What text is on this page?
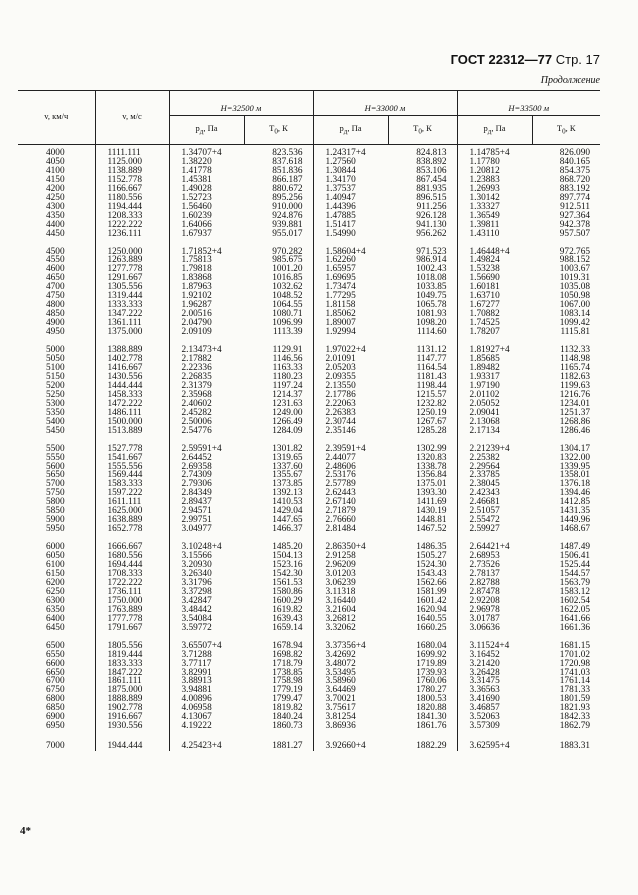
ГОСТ 22312—77 Стр. 17
Продолжение
v, км/ч	v, м/с	H=32500 м		H=33000 м		H=33500 м	
		$p_д$, Па	$T_0$, К	$p_д$, Па	$T_0$, К	$p_д$, Па	$T_0$, К
4000	1111.111	1.34707+4	823.536	1.24317+4	824.813	1.14785+4	826.090
4050	1125.000	1.38220	837.618	1.27560	838.892	1.17780	840.165
4100	1138.889	1.41778	851.836	1.30844	853.106	1.20812	854.375
4150	1152.778	1.45381	866.187	1.34170	867.454	1.23883	868.720
4200	1166.667	1.49028	880.672	1.37537	881.935	1.26993	883.192
4250	1180.556	1.52723	895.256	1.40947	896.515	1.30142	897.774
4300	1194.444	1.56460	910.000	1.44396	911.256	1.33327	912.511
4350	1208.333	1.60239	924.876	1.47885	926.128	1.36549	927.364
4400	1222.222	1.64066	939.881	1.51417	941.130	1.39811	942.378
4450	1236.111	1.67937	955.017	1.54990	956.262	1.43110	957.507
4500	1250.000	1.71852+4	970.282	1.58604+4	971.523	1.46448+4	972.765
4550	1263.889	1.75813	985.675	1.62260	986.914	1.49824	988.152
4600	1277.778	1.79818	1001.20	1.65957	1002.43	1.53238	1003.67
4650	1291.667	1.83868	1016.85	1.69695	1018.08	1.56690	1019.31
4700	1305.556	1.87963	1032.62	1.73474	1033.85	1.60181	1035.08
4750	1319.444	1.92102	1048.52	1.77295	1049.75	1.63710	1050.98
4800	1333.333	1.96287	1064.55	1.81158	1065.78	1.67277	1067.00
4850	1347.222	2.00516	1080.71	1.85062	1081.93	1.70882	1083.14
4900	1361.111	2.04790	1096.99	1.89007	1098.20	1.74525	1099.42
4950	1375.000	2.09109	1113.39	1.92994	1114.60	1.78207	1115.81
5000	1388.889	2.13473+4	1129.91	1.97022+4	1131.12	1.81927+4	1132.33
5050	1402.778	2.17882	1146.56	2.01091	1147.77	1.85685	1148.98
5100	1416.667	2.22336	1163.33	2.05203	1164.54	1.89482	1165.74
5150	1430.556	2.26835	1180.23	2.09355	1181.43	1.93317	1182.63
5200	1444.444	2.31379	1197.24	2.13550	1198.44	1.97190	1199.63
5250	1458.333	2.35968	1214.37	2.17786	1215.57	2.01102	1216.76
5300	1472.222	2.40602	1231.63	2.22063	1232.82	2.05052	1234.01
5350	1486.111	2.45282	1249.00	2.26383	1250.19	2.09041	1251.37
5400	1500.000	2.50006	1266.49	2.30744	1267.67	2.13068	1268.86
5450	1513.889	2.54776	1284.09	2.35146	1285.28	2.17134	1286.46
5500	1527.778	2.59591+4	1301.82	2.39591+4	1302.99	2.21239+4	1304.17
5550	1541.667	2.64452	1319.65	2.44077	1320.83	2.25382	1322.00
5600	1555.556	2.69358	1337.60	2.48606	1338.78	2.29564	1339.95
5650	1569.444	2.74309	1355.67	2.53176	1356.84	2.33785	1358.01
5700	1583.333	2.79306	1373.85	2.57789	1375.01	2.38045	1376.18
5750	1597.222	2.84349	1392.13	2.62443	1393.30	2.42343	1394.46
5800	1611.111	2.89437	1410.53	2.67140	1411.69	2.46681	1412.85
5850	1625.000	2.94571	1429.04	2.71879	1430.19	2.51057	1431.35
5900	1638.889	2.99751	1447.65	2.76660	1448.81	2.55472	1449.96
5950	1652.778	3.04977	1466.37	2.81484	1467.52	2.59927	1468.67
6000	1666.667	3.10248+4	1485.20	2.86350+4	1486.35	2.64421+4	1487.49
6050	1680.556	3.15566	1504.13	2.91258	1505.27	2.68953	1506.41
6100	1694.444	3.20930	1523.16	2.96209	1524.30	2.73526	1525.44
6150	1708.333	3.26340	1542.30	3.01203	1543.43	2.78137	1544.57
6200	1722.222	3.31796	1561.53	3.06239	1562.66	2.82788	1563.79
6250	1736.111	3.37298	1580.86	3.11318	1581.99	2.87478	1583.12
6300	1750.000	3.42847	1600.29	3.16440	1601.42	2.92208	1602.54
6350	1763.889	3.48442	1619.82	3.21604	1620.94	2.96978	1622.05
6400	1777.778	3.54084	1639.43	3.26812	1640.55	3.01787	1641.66
6450	1791.667	3.59772	1659.14	3.32062	1660.25	3.06636	1661.36
6500	1805.556	3.65507+4	1678.94	3.37356+4	1680.04	3.11524+4	1681.15
6550	1819.444	3.71288	1698.82	3.42692	1699.92	3.16452	1701.02
6600	1833.333	3.77117	1718.79	3.48072	1719.89	3.21420	1720.98
6650	1847.222	3.82991	1738.85	3.53495	1739.93	3.26428	1741.03
6700	1861.111	3.88913	1758.98	3.58960	1760.06	3.31475	1761.14
6750	1875.000	3.94881	1779.19	3.64469	1780.27	3.36563	1781.33
6800	1888.889	4.00896	1799.47	3.70021	1800.53	3.41690	1801.59
6850	1902.778	4.06958	1819.82	3.75617	1820.88	3.46857	1821.93
6900	1916.667	4.13067	1840.24	3.81254	1841.30	3.52063	1842.33
6950	1930.556	4.19222	1860.73	3.86936	1861.76	3.57309	1862.79
7000	1944.444	4.25423+4	1881.27	3.92660+4	1882.29	3.62595+4	1883.31
4*
